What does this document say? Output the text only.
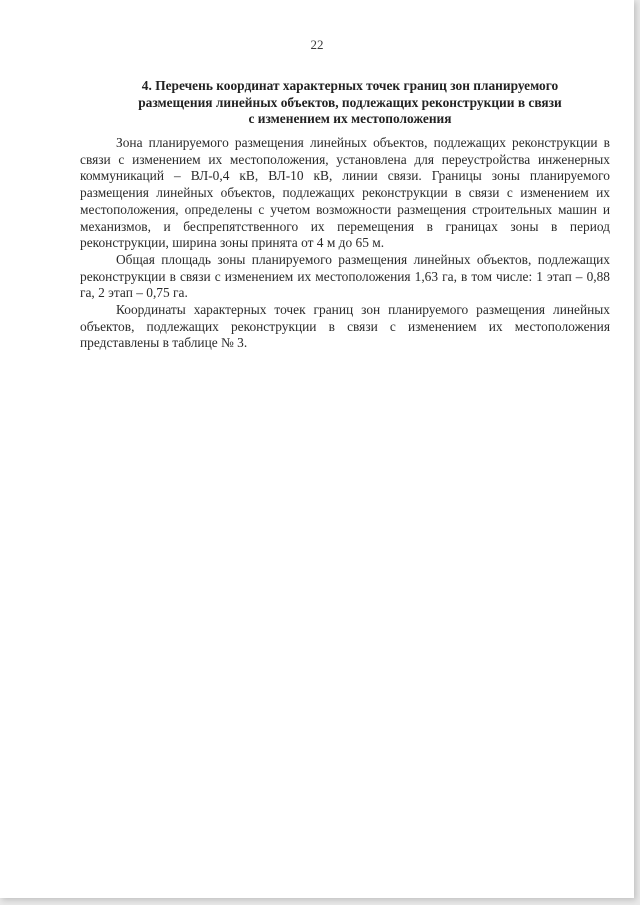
22
4. Перечень координат характерных точек границ зон планируемого
размещения линейных объектов, подлежащих реконструкции в связи
с изменением их местоположения

Зона планируемого размещения линейных объектов, подлежащих реконструкции в связи с изменением их местоположения, установлена для переустройства инженерных коммуникаций – ВЛ-0,4 кВ, ВЛ-10 кВ, линии связи. Границы зоны планируемого размещения линейных объектов, подлежащих реконструкции в связи с изменением их местоположения, определены с учетом возможности размещения строительных машин и механизмов, и беспрепятственного их перемещения в границах зоны в период реконструкции, ширина зоны принята от 4 м до 65 м.

Общая площадь зоны планируемого размещения линейных объектов, подлежащих реконструкции в связи с изменением их местоположения 1,63 га, в том числе: 1 этап – 0,88 га, 2 этап – 0,75 га.

Координаты характерных точек границ зон планируемого размещения линейных объектов, подлежащих реконструкции в связи с изменением их местоположения представлены в таблице № 3.
